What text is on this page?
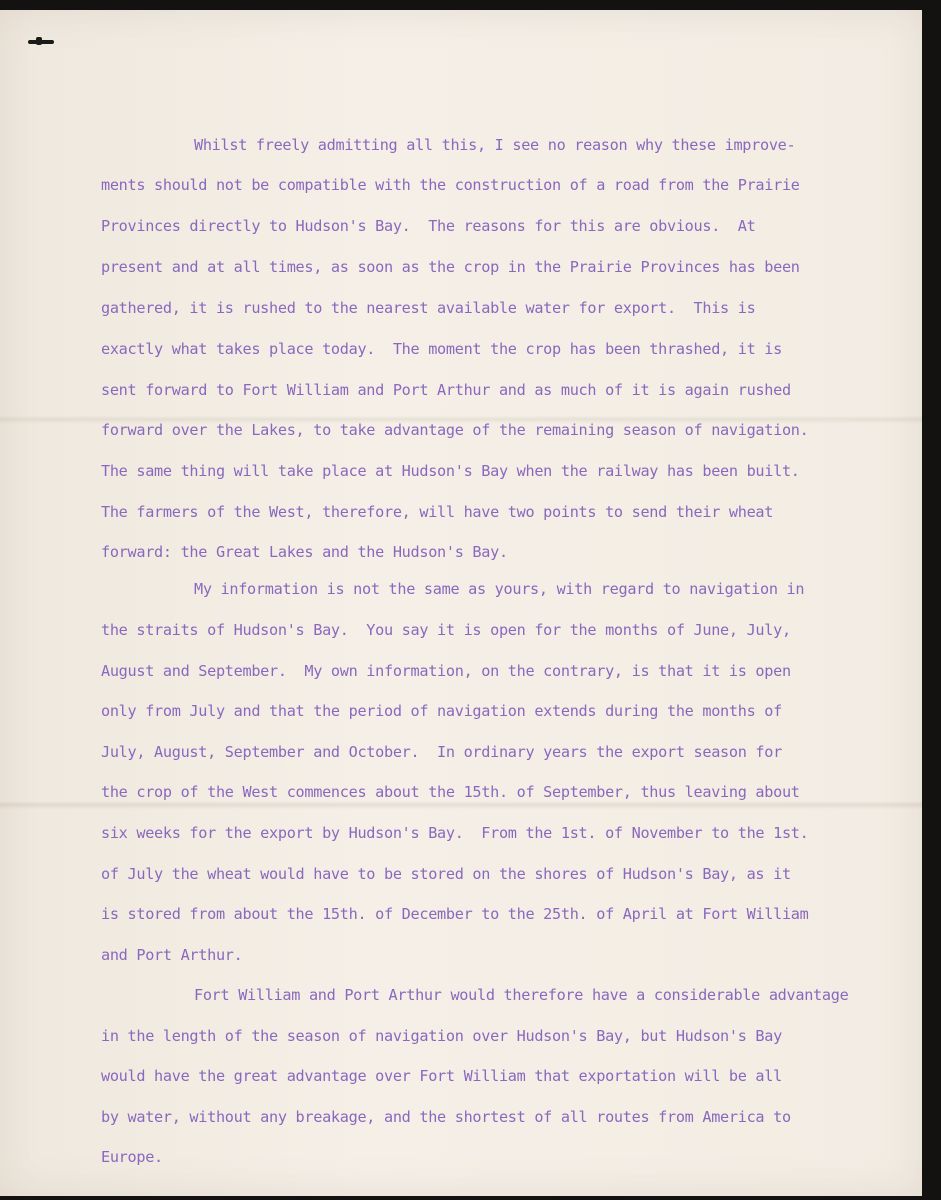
Whilst freely admitting all this, I see no reason why these improve-

ments should not be compatible with the construction of a road from the Prairie

Provinces directly to Hudson's Bay.  The reasons for this are obvious.  At

present and at all times, as soon as the crop in the Prairie Provinces has been

gathered, it is rushed to the nearest available water for export.  This is

exactly what takes place today.  The moment the crop has been thrashed, it is

sent forward to Fort William and Port Arthur and as much of it is again rushed

forward over the Lakes, to take advantage of the remaining season of navigation.

The same thing will take place at Hudson's Bay when the railway has been built.

The farmers of the West, therefore, will have two points to send their wheat

forward: the Great Lakes and the Hudson's Bay.

My information is not the same as yours, with regard to navigation in

the straits of Hudson's Bay.  You say it is open for the months of June, July,

August and September.  My own information, on the contrary, is that it is open

only from July and that the period of navigation extends during the months of

July, August, September and October.  In ordinary years the export season for

the crop of the West commences about the 15th. of September, thus leaving about

six weeks for the export by Hudson's Bay.  From the 1st. of November to the 1st.

of July the wheat would have to be stored on the shores of Hudson's Bay, as it

is stored from about the 15th. of December to the 25th. of April at Fort William

and Port Arthur.

Fort William and Port Arthur would therefore have a considerable advantage

in the length of the season of navigation over Hudson's Bay, but Hudson's Bay

would have the great advantage over Fort William that exportation will be all

by water, without any breakage, and the shortest of all routes from America to

Europe.
